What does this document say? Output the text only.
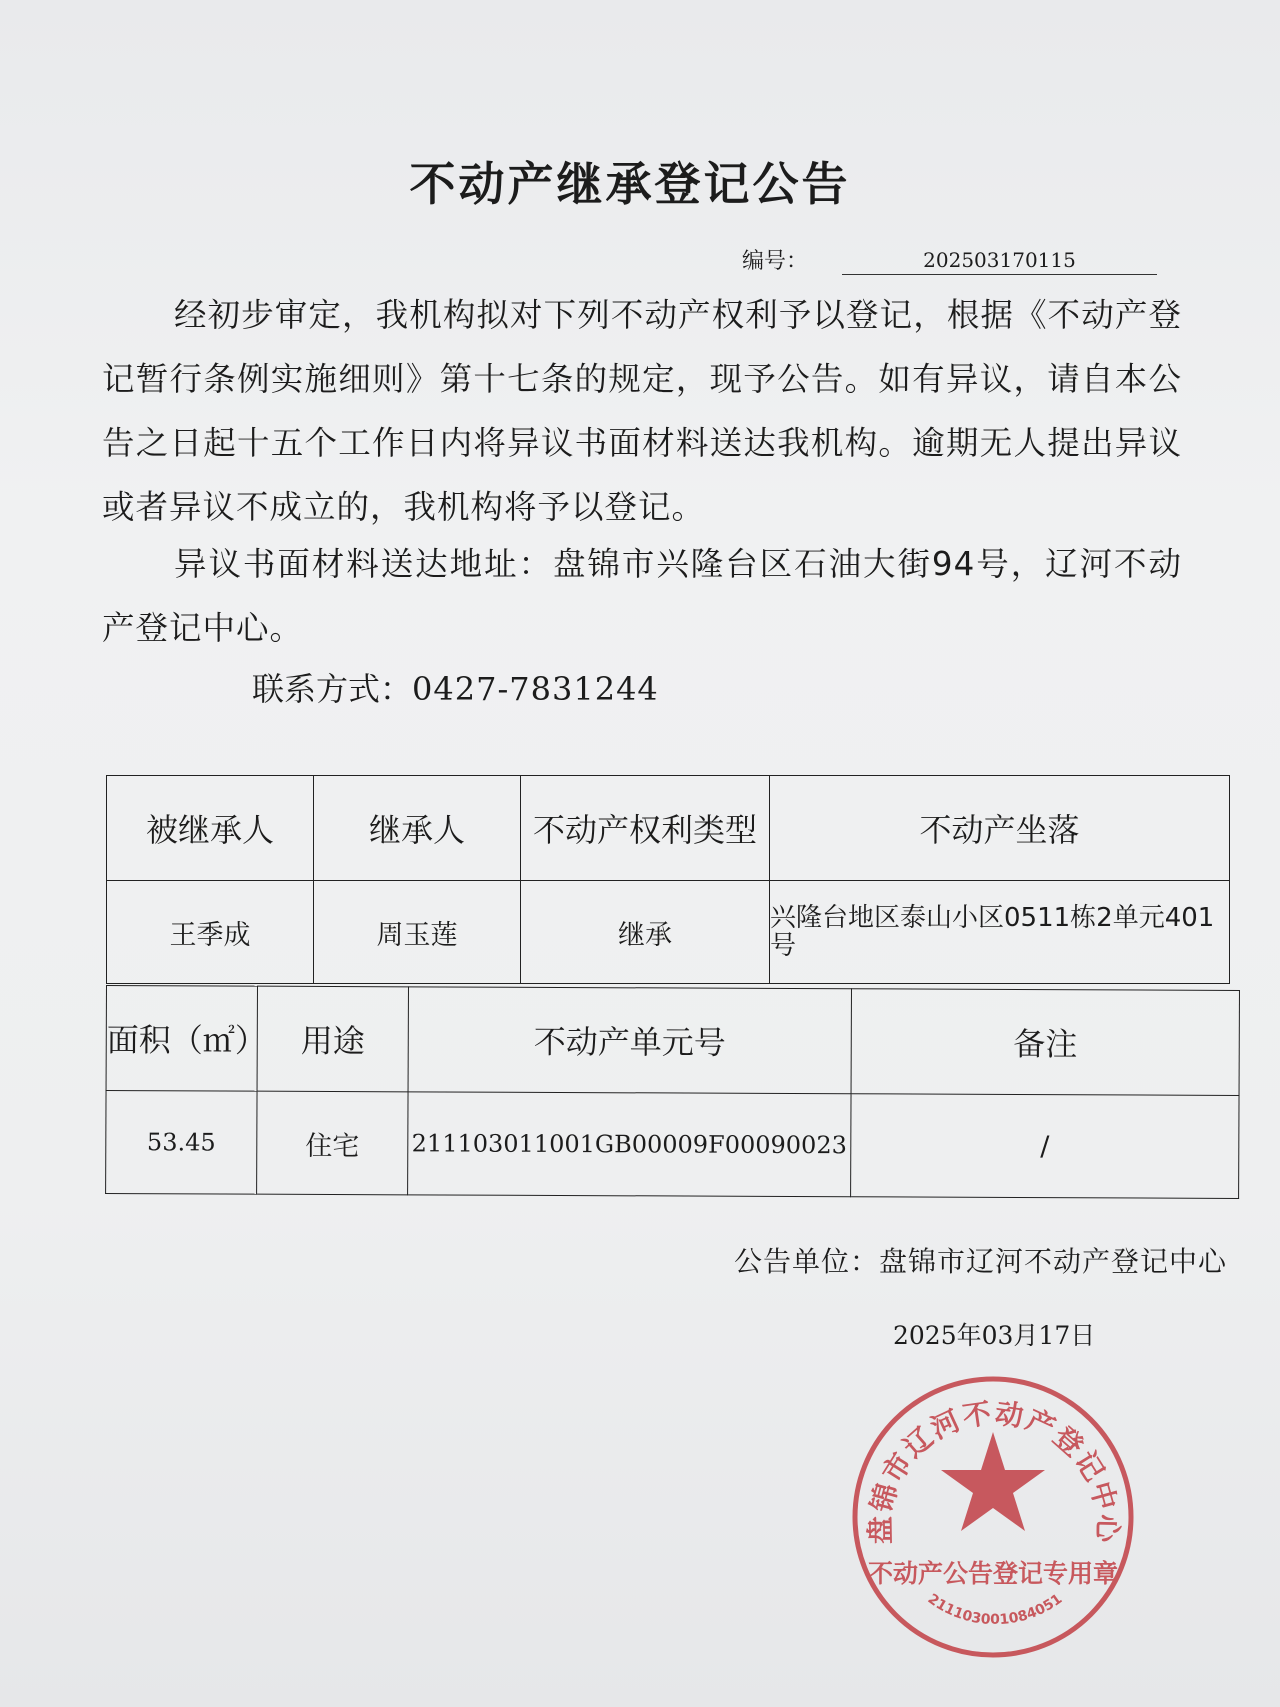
不动产继承登记公告
编号：	202503170115

经初步审定，我机构拟对下列不动产权利予以登记，根据《不动产登记暂行条例实施细则》第十七条的规定，现予公告。如有异议，请自本公告之日起十五个工作日内将异议书面材料送达我机构。逾期无人提出异议或者异议不成立的，我机构将予以登记。

异议书面材料送达地址：盘锦市兴隆台区石油大街94号，辽河不动产登记中心。

联系方式：0427-7831244
被继承人	继承人	不动产权利类型	不动产坐落
王季成	周玉莲	继承	兴隆台地区泰山小区0511栋2单元401号
面积（㎡）	用途	不动产单元号	备注
53.45	住宅	211103011001GB00009F00090023	/
公告单位：盘锦市辽河不动产登记中心
2025年03月17日
盘锦市辽河不动产登记中心
不动产公告登记专用章
2111030010​84051
